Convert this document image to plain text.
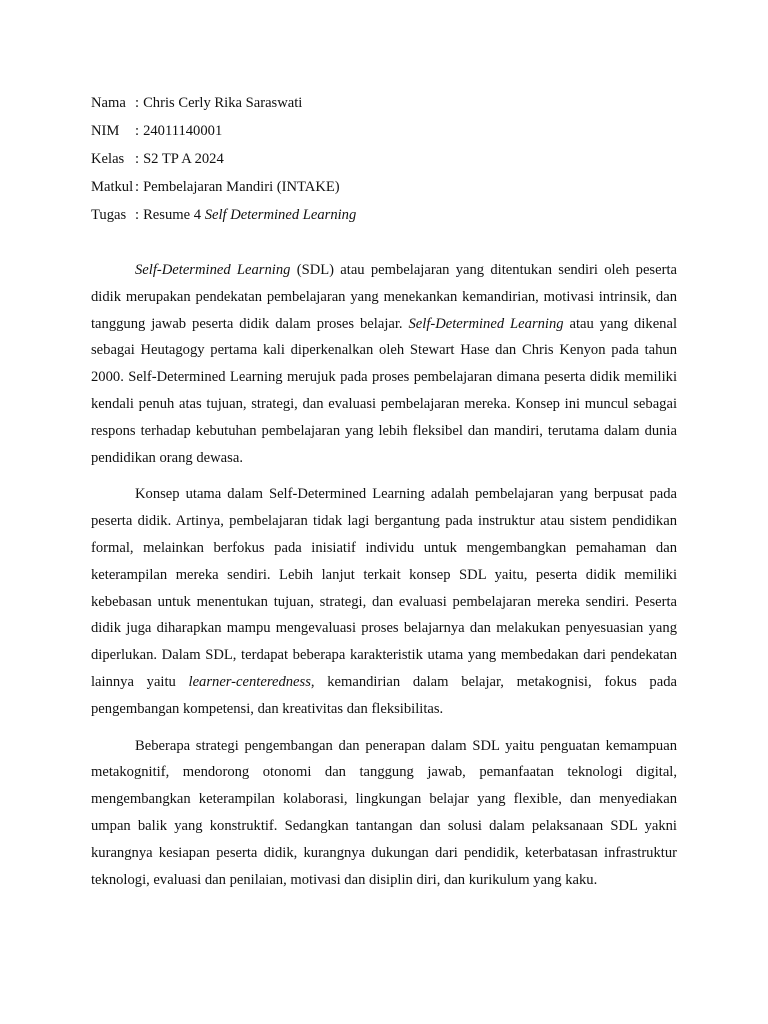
Nama : Chris Cerly Rika Saraswati
NIM	: 24011140001
Kelas : S2 TP A 2024
Matkul : Pembelajaran Mandiri (INTAKE)
Tugas : Resume 4 Self Determined Learning

Self-Determined Learning (SDL) atau pembelajaran yang ditentukan sendiri oleh peserta didik merupakan pendekatan pembelajaran yang menekankan kemandirian, motivasi intrinsik, dan tanggung jawab peserta didik dalam proses belajar. Self-Determined Learning atau yang dikenal sebagai Heutagogy pertama kali diperkenalkan oleh Stewart Hase dan Chris Kenyon pada tahun 2000. Self-Determined Learning merujuk pada proses pembelajaran dimana peserta didik memiliki kendali penuh atas tujuan, strategi, dan evaluasi pembelajaran mereka. Konsep ini muncul sebagai respons terhadap kebutuhan pembelajaran yang lebih fleksibel dan mandiri, terutama dalam dunia pendidikan orang dewasa.

Konsep utama dalam Self-Determined Learning adalah pembelajaran yang berpusat pada peserta didik. Artinya, pembelajaran tidak lagi bergantung pada instruktur atau sistem pendidikan formal, melainkan berfokus pada inisiatif individu untuk mengembangkan pemahaman dan keterampilan mereka sendiri. Lebih lanjut terkait konsep SDL yaitu, peserta didik memiliki kebebasan untuk menentukan tujuan, strategi, dan evaluasi pembelajaran mereka sendiri. Peserta didik juga diharapkan mampu mengevaluasi proses belajarnya dan melakukan penyesuasian yang diperlukan. Dalam SDL, terdapat beberapa karakteristik utama yang membedakan dari pendekatan lainnya yaitu learner-centeredness, kemandirian dalam belajar, metakognisi, fokus pada pengembangan kompetensi, dan kreativitas dan fleksibilitas.

Beberapa strategi pengembangan dan penerapan dalam SDL yaitu penguatan kemampuan metakognitif, mendorong otonomi dan tanggung jawab, pemanfaatan teknologi digital, mengembangkan keterampilan kolaborasi, lingkungan belajar yang flexible, dan menyediakan umpan balik yang konstruktif. Sedangkan tantangan dan solusi dalam pelaksanaan SDL yakni kurangnya kesiapan peserta didik, kurangnya dukungan dari pendidik, keterbatasan infrastruktur teknologi, evaluasi dan penilaian, motivasi dan disiplin diri, dan kurikulum yang kaku.
